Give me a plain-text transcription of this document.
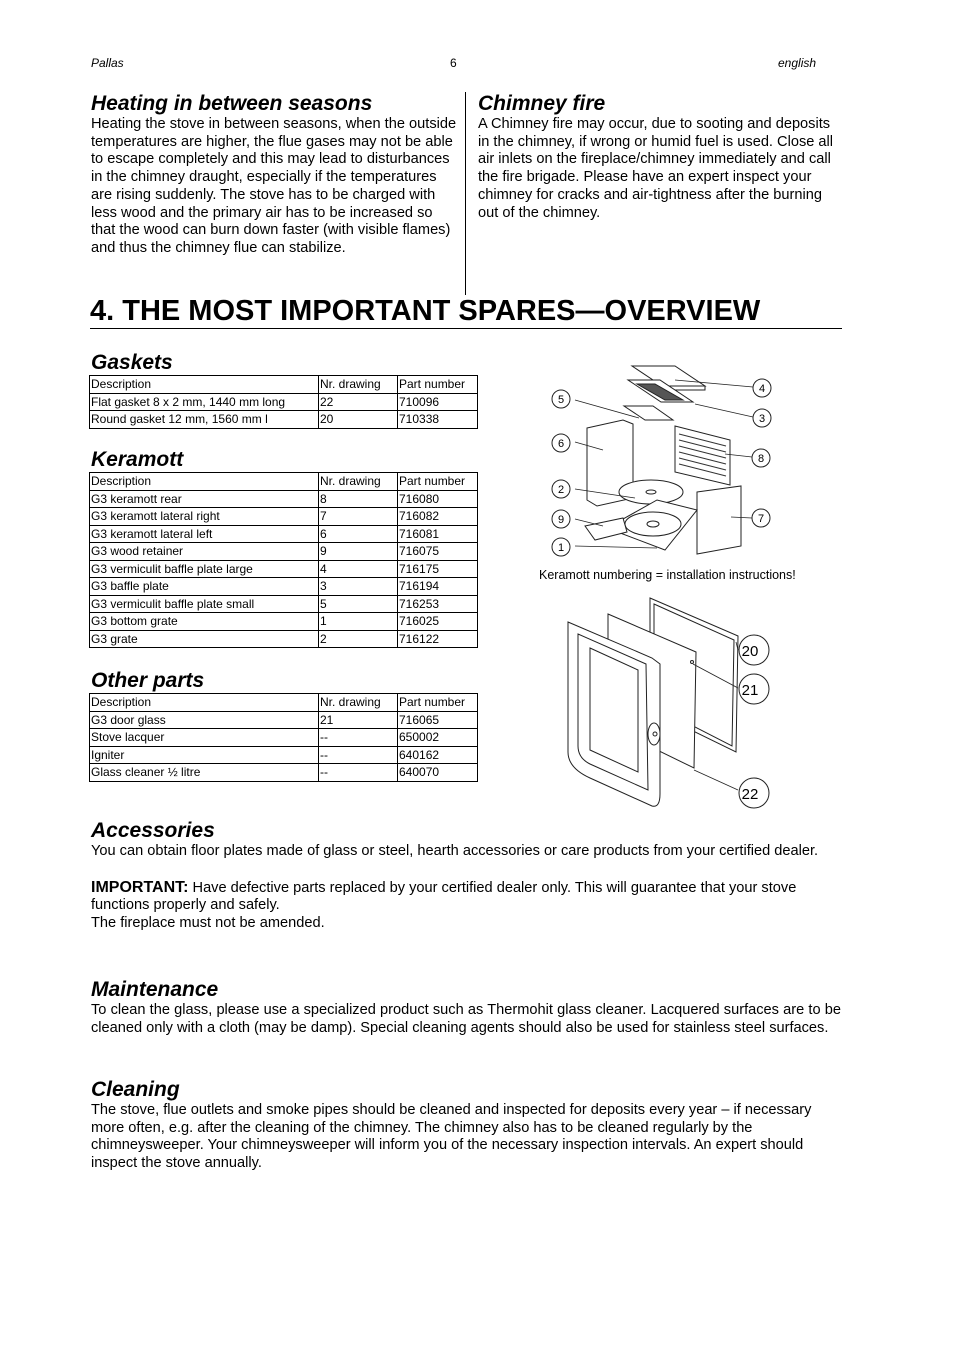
Pallas	6	english
Heating in between seasons

Heating the stove in between seasons, when the outside temperatures are higher, the flue gases may not be able to escape completely and this may lead to disturbances in the chimney draught, especially if the temperatures are rising suddenly. The stove has to be charged with less wood and the primary air has to be increased so that the wood can burn down faster (with visible flames) and thus the chimney flue can stabilize.

Chimney fire

A Chimney fire may occur, due to sooting and deposits in the chimney, if wrong or humid fuel is used. Close all air inlets on the fireplace/chimney immediately and call the fire brigade. Please have an expert inspect your chimney for cracks and air-tightness after the burning out of the chimney.

4. THE MOST IMPORTANT SPARES—OVERVIEW
Gaskets
Description	Nr. drawing	Part number
Flat gasket 8 x 2 mm, 1440 mm long	22	710096
Round gasket 12 mm, 1560 mm l	20	710338
Keramott
Description	Nr. drawing	Part number
G3 keramott rear	8	716080
G3 keramott lateral right	7	716082
G3 keramott lateral left	6	716081
G3 wood retainer	9	716075
G3 vermiculit baffle plate large	4	716175
G3 baffle plate	3	716194
G3 vermiculit baffle plate small	5	716253
G3 bottom grate	1	716025
G3 grate	2	716122
Other parts
Description	Nr. drawing	Part number
G3 door glass	21	716065
Stove lacquer	--	650002
Igniter	--	640162
Glass cleaner ½ litre	--	640070
4
5
3
6
8
2
7
9
1
Keramott numbering = installation instructions!
20
21
22
Accessories

You can obtain floor plates made of glass or steel, hearth accessories or care products from your certified dealer.

IMPORTANT: Have defective parts replaced by your certified dealer only. This will guarantee that your stove functions properly and safely.

The fireplace must not be amended.

Maintenance

To clean the glass, please use a specialized product such as Thermohit glass cleaner. Lacquered surfaces are to be cleaned only with a cloth (may be damp). Special cleaning agents should also be used for stainless steel surfaces.

Cleaning

The stove, flue outlets and smoke pipes should be cleaned and inspected for deposits every year – if necessary more often, e.g. after the cleaning of the chimney. The chimney also has to be cleaned regularly by the chimneysweeper. Your chimneysweeper will inform you of the necessary inspection intervals. An expert should inspect the stove annually.
